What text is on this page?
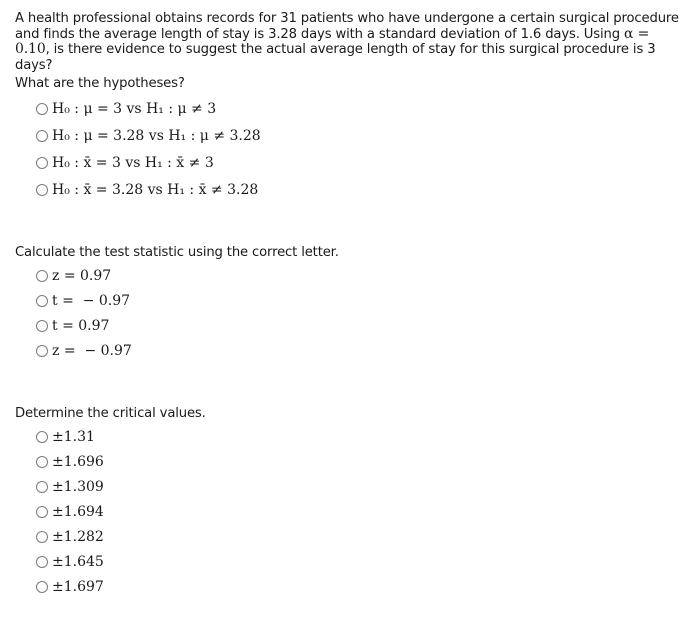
A health professional obtains records for 31 patients who have undergone a certain surgical procedure and finds the average length of stay is 3.28 days with a standard deviation of 1.6 days. Using α = 0.10, is there evidence to suggest the actual average length of stay for this surgical procedure is 3 days?

What are the hypotheses?

H₀ : μ = 3 vs H₁ : μ ≠ 3
H₀ : μ = 3.28 vs H₁ : μ ≠ 3.28
H₀ : x̄ = 3 vs H₁ : x̄ ≠ 3
H₀ : x̄ = 3.28 vs H₁ : x̄ ≠ 3.28

Calculate the test statistic using the correct letter.

z = 0.97
t =  − 0.97
t = 0.97
z =  − 0.97

Determine the critical values.

±1.31
±1.696
±1.309
±1.694
±1.282
±1.645
±1.697
